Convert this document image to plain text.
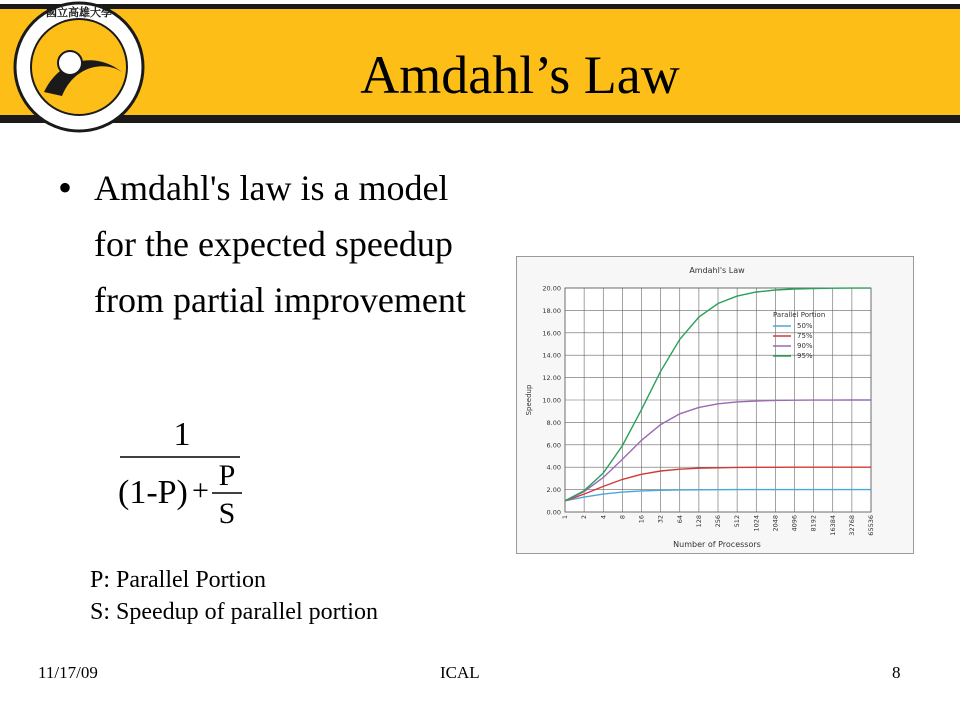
國立高雄大學
Amdahl’s Law
• Amdahl's law is a model for the expected speedup from partial improvement
1
(1-P) + P
S
P: Parallel Portion
S: Speedup of parallel portion
Amdahl's Law
Speedup
Number of Processors
0.00
2.00
4.00
6.00
8.00
10.00
12.00
14.00
16.00
18.00
20.00
1 2 4 8 16 32 64 128 256 512 1024 2048 4096 8192 16384 32768 65536
Parallel Portion
50%
75%
90%
95%
11/17/09	ICAL	8
